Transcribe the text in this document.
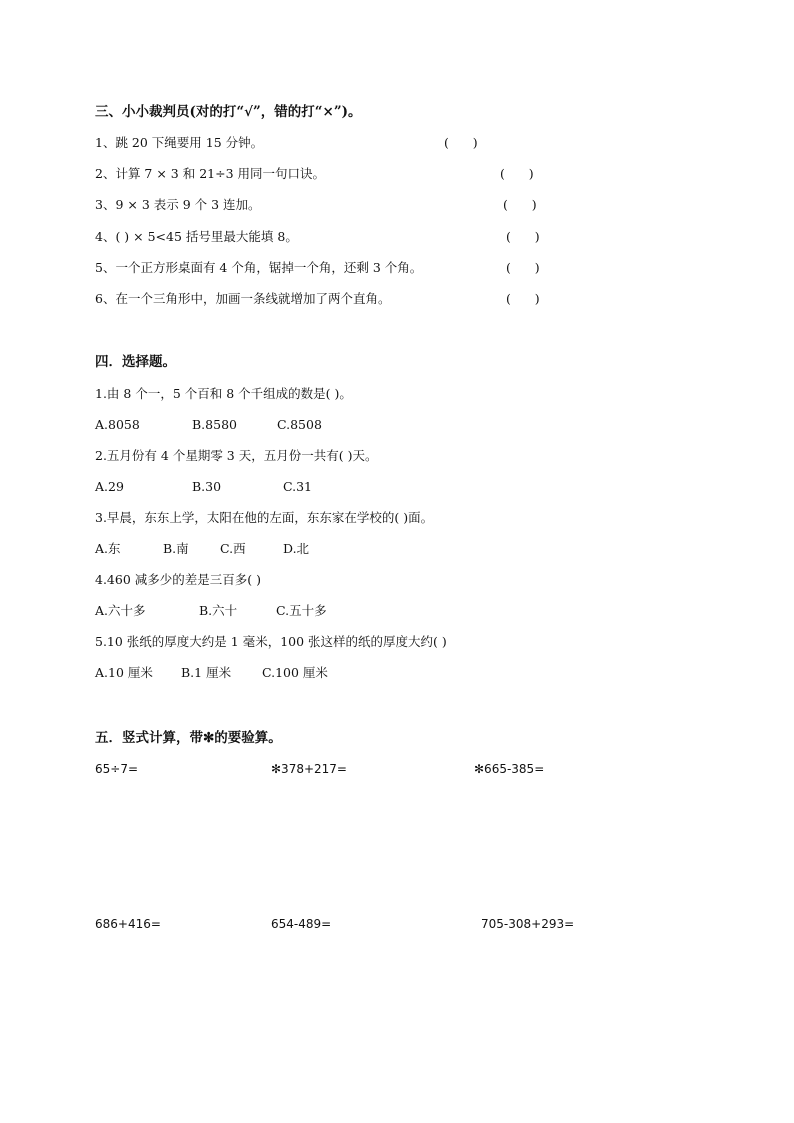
三、小小裁判员(对的打“√”，错的打“×”)。
1、跳 20 下绳要用 15 分钟。	(      )
2、计算 7 × 3 和 21÷3 用同一句口诀。	(      )
3、9 × 3 表示 9 个 3 连加。	(      )
4、( ) × 5<45 括号里最大能填 8。	(      )
5、一个正方形桌面有 4 个角，锯掉一个角，还剩 3 个角。	(      )
6、在一个三角形中，加画一条线就增加了两个直角。	(      )
四．选择题。
1.由 8 个一，5 个百和 8 个千组成的数是( )。
A.8058	B.8580	C.8508
2.五月份有 4 个星期零 3 天，五月份一共有( )天。
A.29	B.30	C.31
3.早晨，东东上学，太阳在他的左面，东东家在学校的( )面。
A.东	B.南	C.西	D.北
4.460 减多少的差是三百多( )
A.六十多	B.六十	C.五十多
5.10 张纸的厚度大约是 1 毫米，100 张这样的纸的厚度大约( )
A.10 厘米 B.1 厘米 C.100 厘米
五．竖式计算，带✻的要验算。
65÷7=	✻378+217=	✻665-385=
686+416=	654-489=	705-308+293=
